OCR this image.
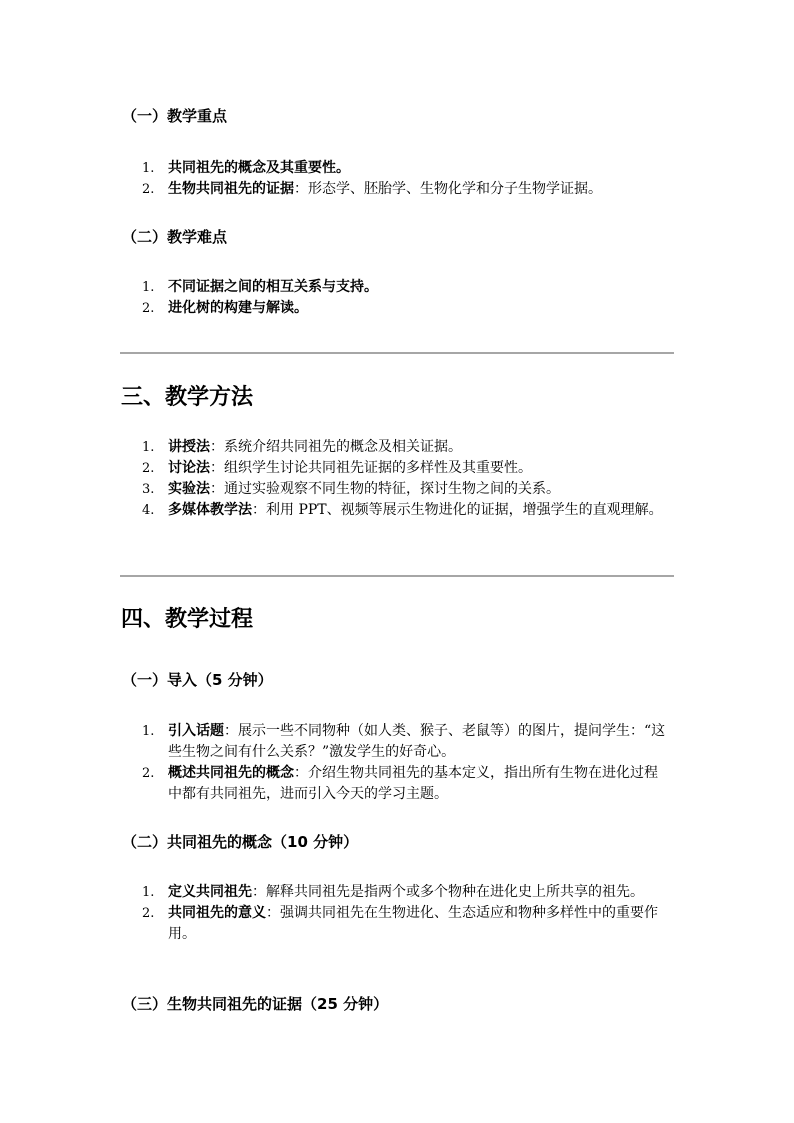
（一）教学重点
1. 共同祖先的概念及其重要性。
2. 生物共同祖先的证据：形态学、胚胎学、生物化学和分子生物学证据。
（二）教学难点
1. 不同证据之间的相互关系与支持。
2. 进化树的构建与解读。
三、教学方法
1. 讲授法：系统介绍共同祖先的概念及相关证据。
2. 讨论法：组织学生讨论共同祖先证据的多样性及其重要性。
3. 实验法：通过实验观察不同生物的特征，探讨生物之间的关系。
4. 多媒体教学法：利用 PPT、视频等展示生物进化的证据，增强学生的直观理解。
四、教学过程
（一）导入（5 分钟）
1. 引入话题：展示一些不同物种（如人类、猴子、老鼠等）的图片，提问学生：“这些生物之间有什么关系？”激发学生的好奇心。
2. 概述共同祖先的概念：介绍生物共同祖先的基本定义，指出所有生物在进化过程中都有共同祖先，进而引入今天的学习主题。
（二）共同祖先的概念（10 分钟）
1. 定义共同祖先：解释共同祖先是指两个或多个物种在进化史上所共享的祖先。
2. 共同祖先的意义：强调共同祖先在生物进化、生态适应和物种多样性中的重要作用。
（三）生物共同祖先的证据（25 分钟）
